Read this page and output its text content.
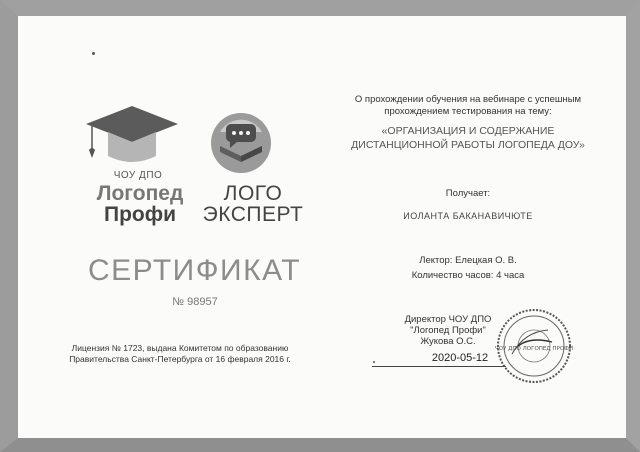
ЧОУ ДПО
Логопед
Профи
ЛОГО
ЭКСПЕРТ
СЕРТИФИКАТ
№ 98957
Лицензия № 1723, выдана Комитетом по образованию
Правительства Санкт-Петербурга от 16 февраля 2016 г.
О прохождении обучения на вебинаре с успешным
прохождением тестирования на тему:
«ОРГАНИЗАЦИЯ И СОДЕРЖАНИЕ
ДИСТАНЦИОННОЙ РАБОТЫ ЛОГОПЕДА ДОУ»
Получает:
ИОЛАНТА БАКАНАВИЧЮТЕ
Лектор: Елецкая О. В.
Количество часов: 4 часа
Директор ЧОУ ДПО
"Логопед Профи"
Жукова О.С.
2020-05-12
ЧОУ ДПО ЛОГОПЕД ПРОФИ
